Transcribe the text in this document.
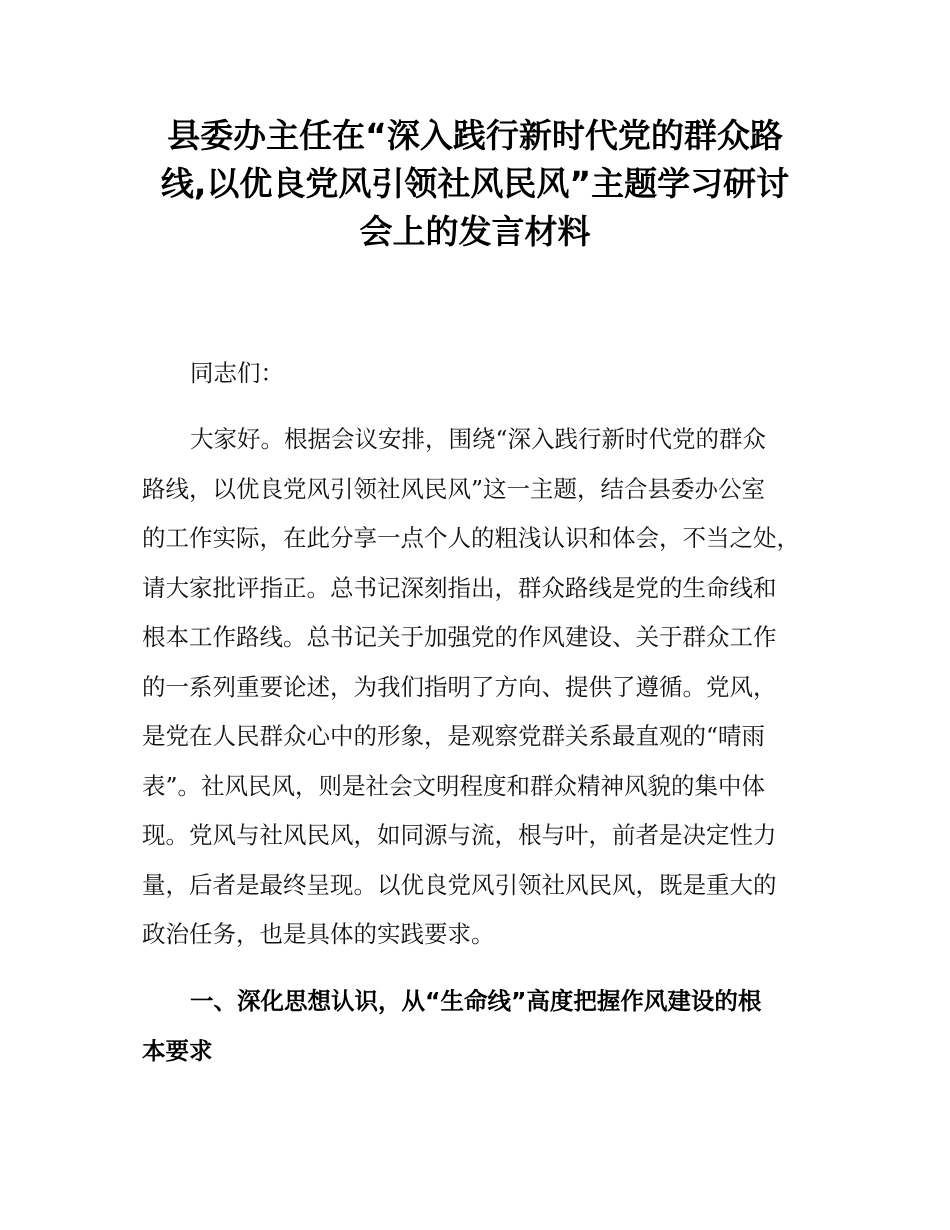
县委办主任在“深入践行新时代党的群众路
线,以优良党风引领社风民风”主题学习研讨
会上的发言材料
同志们：
大家好。根据会议安排，围绕“深入践行新时代党的群众
路线，以优良党风引领社风民风”这一主题，结合县委办公室
的工作实际，在此分享一点个人的粗浅认识和体会，不当之处，
请大家批评指正。总书记深刻指出，群众路线是党的生命线和
根本工作路线。总书记关于加强党的作风建设、关于群众工作
的一系列重要论述，为我们指明了方向、提供了遵循。党风，
是党在人民群众心中的形象，是观察党群关系最直观的“晴雨
表”。社风民风，则是社会文明程度和群众精神风貌的集中体
现。党风与社风民风，如同源与流，根与叶，前者是决定性力
量，后者是最终呈现。以优良党风引领社风民风，既是重大的
政治任务，也是具体的实践要求。
一、深化思想认识，从“生命线”高度把握作风建设的根
本要求
